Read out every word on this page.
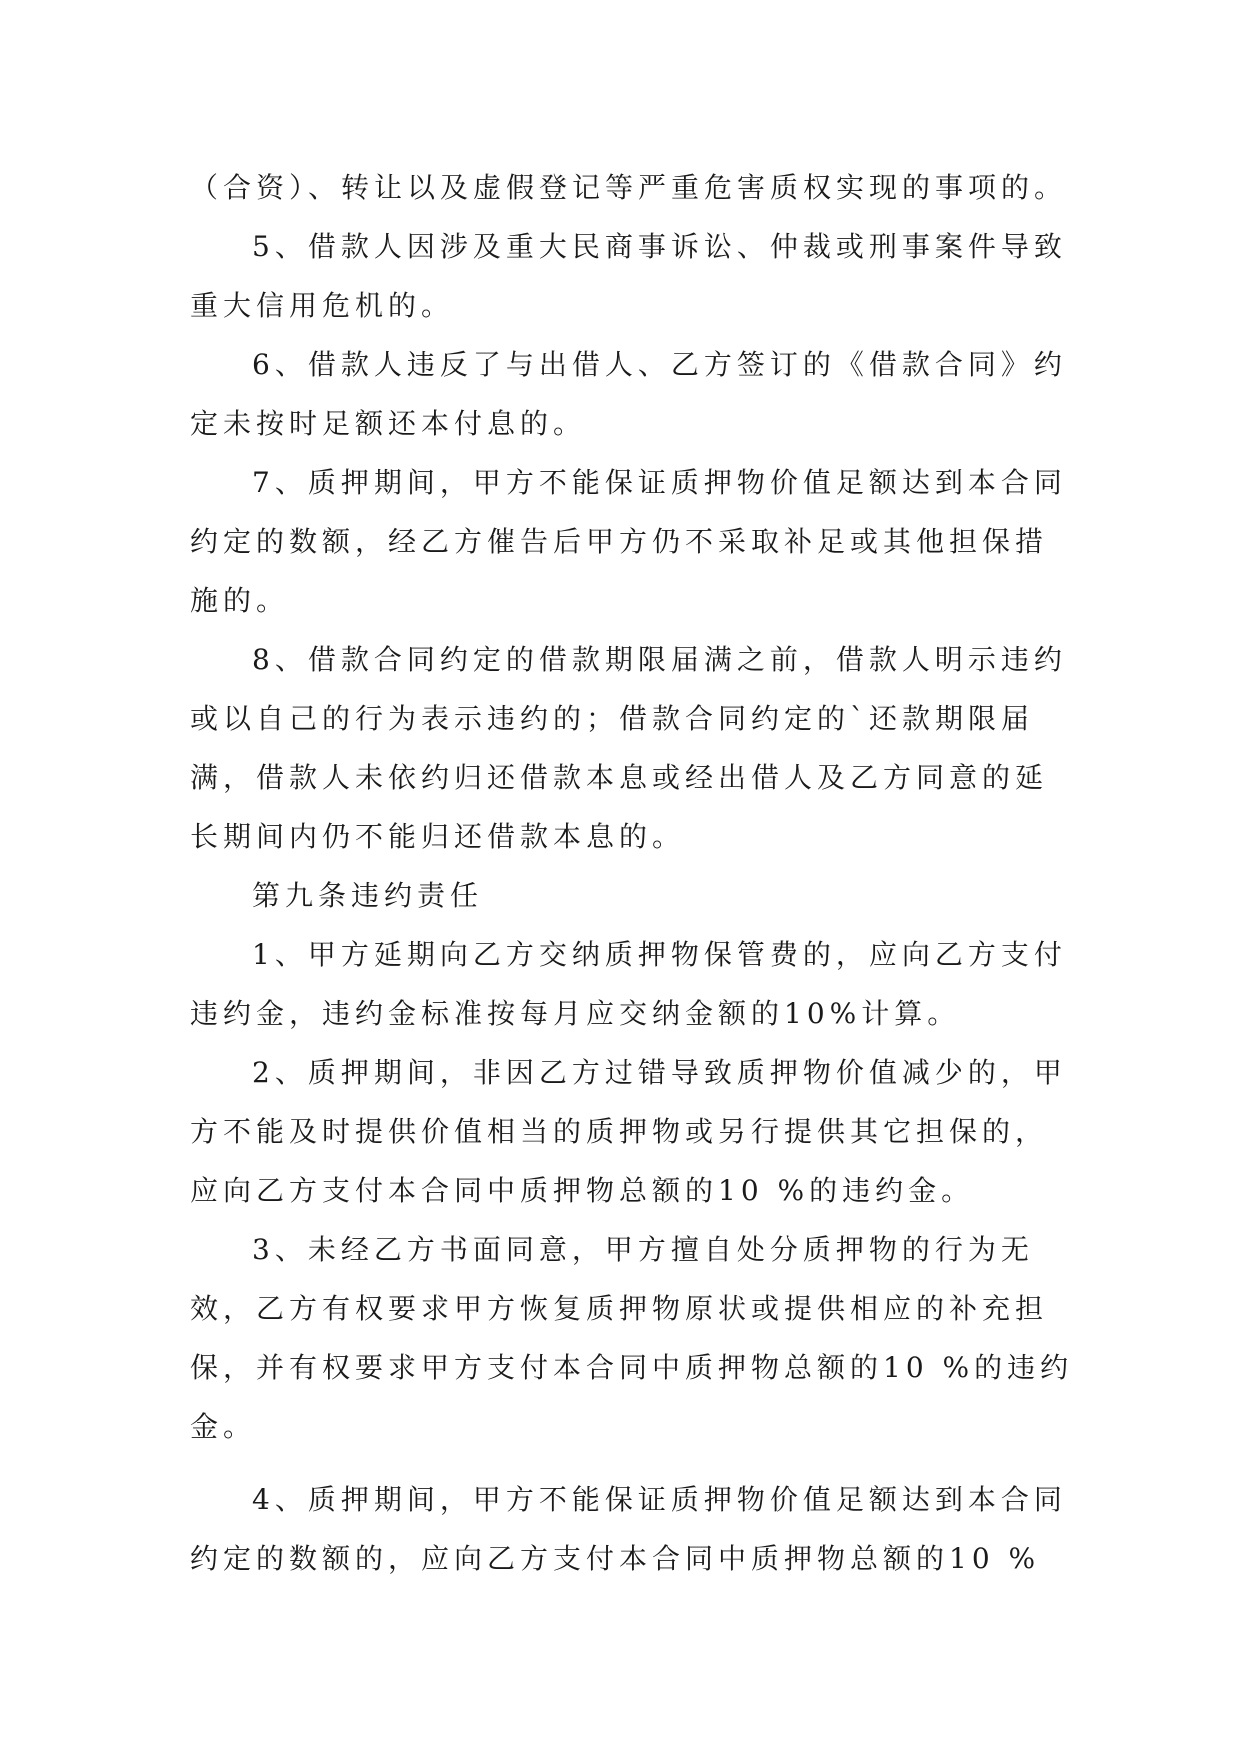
（合资）、转让以及虚假登记等严重危害质权实现的事项的。

5、借款人因涉及重大民商事诉讼、仲裁或刑事案件导致重大信用危机的。

6、借款人违反了与出借人、乙方签订的《借款合同》约定未按时足额还本付息的。

7、质押期间，甲方不能保证质押物价值足额达到本合同约定的数额，经乙方催告后甲方仍不采取补足或其他担保措施的。

8、借款合同约定的借款期限届满之前，借款人明示违约或以自己的行为表示违约的；借款合同约定的`还款期限届满，借款人未依约归还借款本息或经出借人及乙方同意的延长期间内仍不能归还借款本息的。

第九条违约责任

1、甲方延期向乙方交纳质押物保管费的，应向乙方支付违约金，违约金标准按每月应交纳金额的10%计算。

2、质押期间，非因乙方过错导致质押物价值减少的，甲方不能及时提供价值相当的质押物或另行提供其它担保的，应向乙方支付本合同中质押物总额的10 %的违约金。

3、未经乙方书面同意，甲方擅自处分质押物的行为无效，乙方有权要求甲方恢复质押物原状或提供相应的补充担保，并有权要求甲方支付本合同中质押物总额的10 %的违约金。

4、质押期间，甲方不能保证质押物价值足额达到本合同约定的数额的，应向乙方支付本合同中质押物总额的10 %
